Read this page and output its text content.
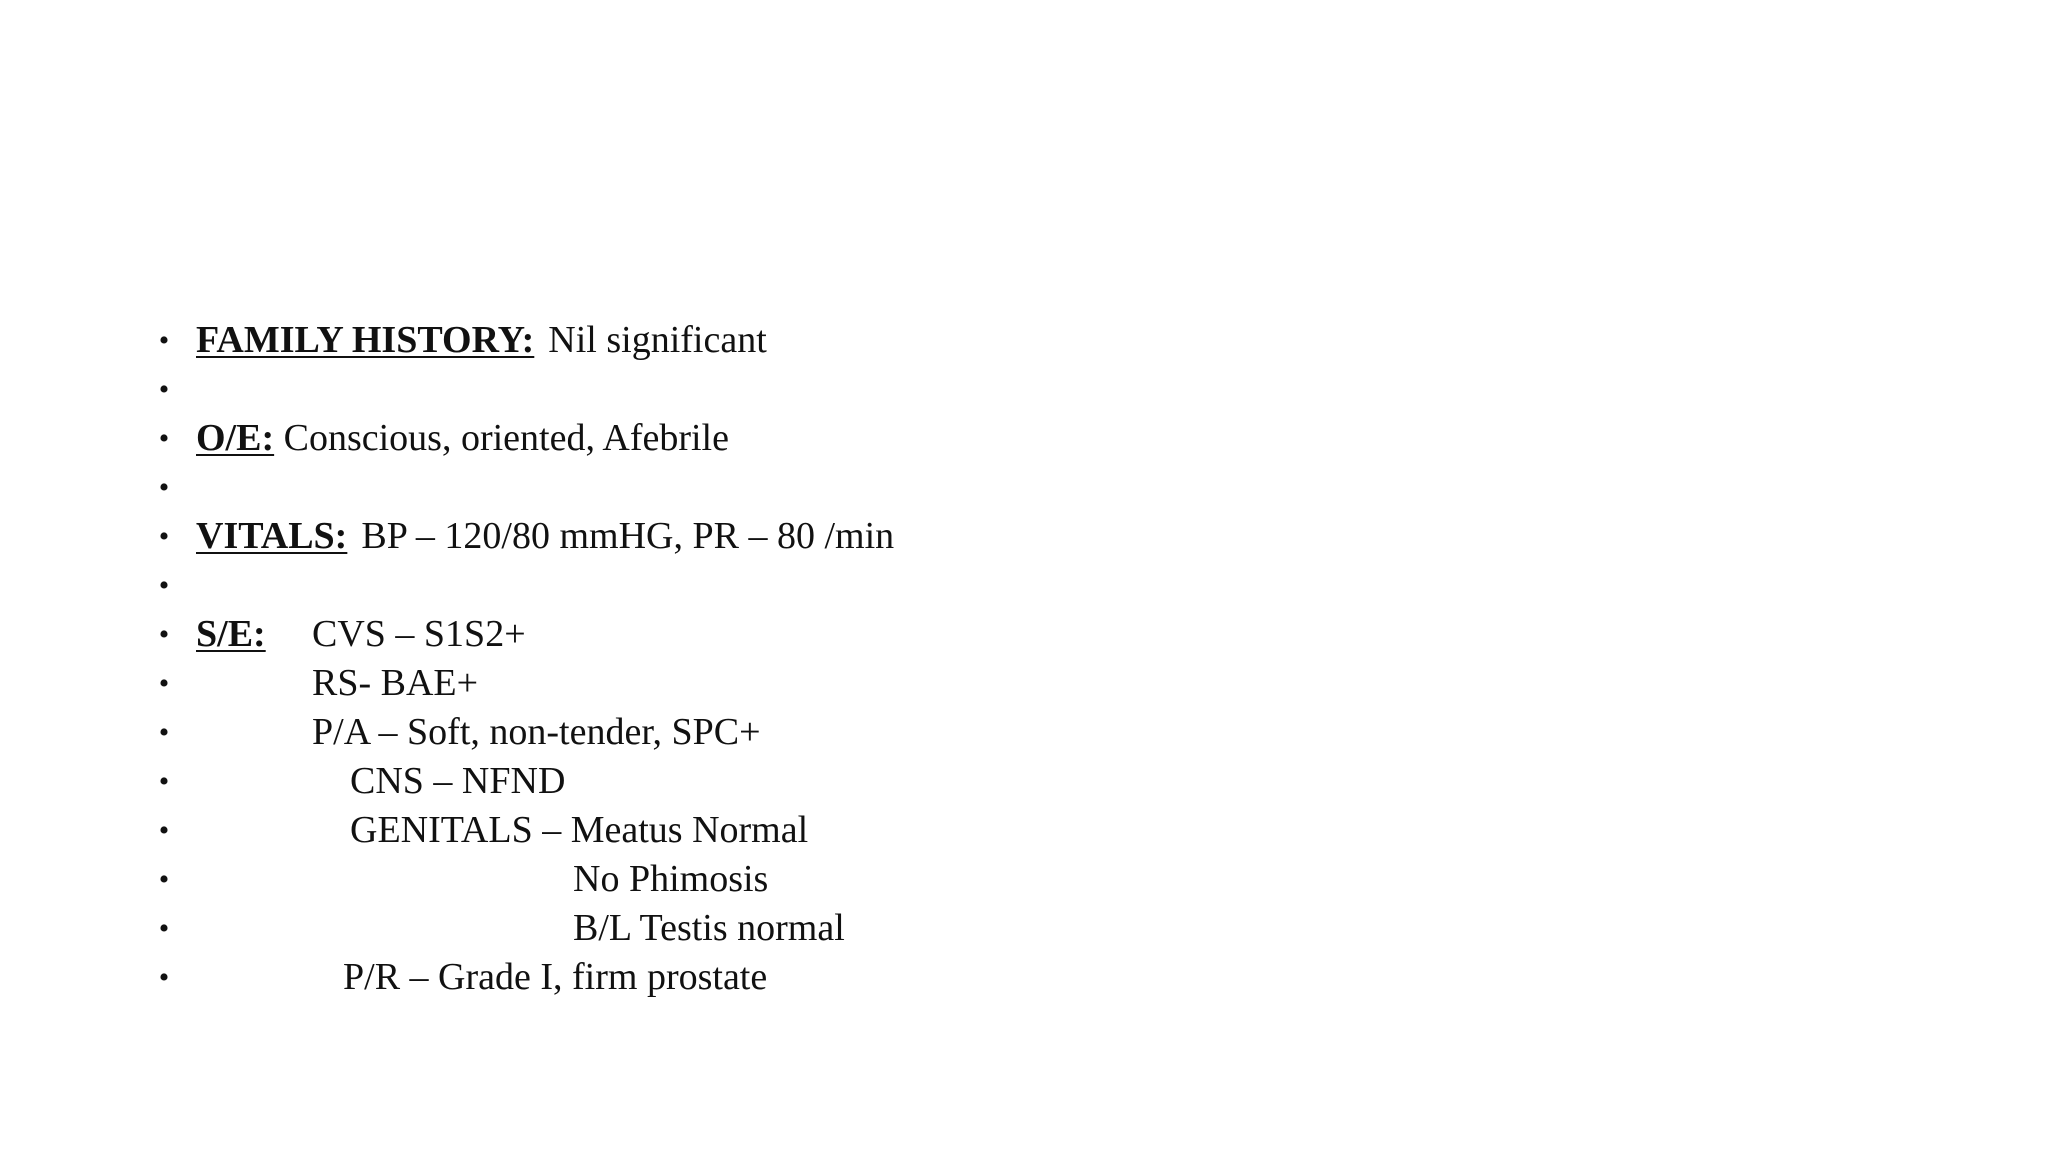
• FAMILY HISTORY: Nil significant
•
• O/E: Conscious, oriented, Afebrile
•
• VITALS: BP – 120/80 mmHG, PR – 80 /min
•
• S/E: CVS – S1S2+
•	RS- BAE+
•	P/A – Soft, non-tender, SPC+
•	CNS – NFND
•	GENITALS – Meatus Normal
•	No Phimosis
•	B/L Testis normal
•	P/R – Grade I, firm prostate
